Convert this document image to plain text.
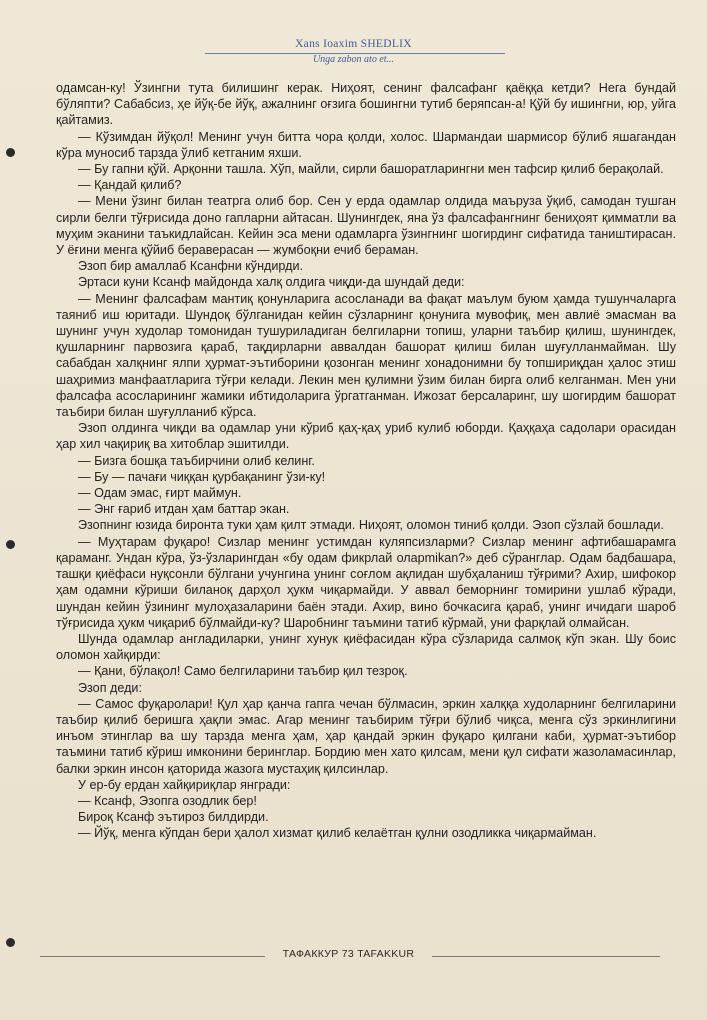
Xans Ioaxim SHEDLIX
Unga zabon ato et...

одамсан-ку! Ўзингни тута билишинг керак. Ниҳоят, сенинг фалсафанг қаёққа кетди? Нега бундай бўляпти? Сабабсиз, ҳе йўқ-бе йўқ, ажалнинг оғзига бошингни тутиб беряпсан-а! Қўй бу ишингни, юр, уйга қайтамиз.

— Кўзимдан йўқол! Менинг учун битта чора қолди, холос. Шармандаи шармисор бўлиб яшагандан кўра муносиб тарзда ўлиб кетганим яхши.

— Бу гапни қўй. Арқонни ташла. Хўп, майли, сирли башоратларингни мен тафсир қилиб берақолай.

— Қандай қилиб?

— Мени ўзинг билан театрга олиб бор. Сен у ерда одамлар олдида маъруза ўқиб, самодан тушган сирли белги тўғрисида доно гапларни айтасан. Шунингдек, яна ўз фалсафангнинг бениҳоят қимматли ва муҳим эканини таъкидлайсан. Кейин эса мени одамларга ўзингнинг шогирдинг сифатида таништирасан. У ёғини менга қўйиб бераверасан — жумбоқни ечиб бераман.

Эзоп бир амаллаб Ксанфни кўндирди.

Эртаси куни Ксанф майдонда халқ олдига чиқди-да шундай деди:

— Менинг фалсафам мантиқ қонунларига асосланади ва фақат маълум буюм ҳамда тушунчаларга таяниб иш юритади. Шундоқ бўлганидан кейин сўзларнинг қонунига мувофиқ, мен авлиё эмасман ва шунинг учун худолар томонидан тушуриладиган белгиларни топиш, уларни таъбир қилиш, шунингдек, қушларнинг парвозига қараб, тақдирларни аввалдан башорат қилиш билан шуғулланмайман. Шу сабабдан халқнинг ялпи ҳурмат-эътиборини қозонган менинг хонадонимни бу топшириқдан ҳалос этиш шаҳримиз манфаатларига тўғри келади. Лекин мен қулимни ўзим билан бирга олиб келганман. Мен уни фалсафа асосларининг жамики ибтидоларига ўргатганман. Ижозат берсаларинг, шу шогирдим башорат таъбири билан шуғулланиб кўрса.

Эзоп олдинга чиқди ва одамлар уни кўриб қаҳ-қаҳ уриб кулиб юборди. Қаҳқаҳа садолари орасидан ҳар хил чақириқ ва хитоблар эшитилди.

— Бизга бошқа таъбирчини олиб келинг.

— Бу — пачағи чиққан қурбақанинг ўзи-ку!

— Одам эмас, ғирт маймун.

— Энг ғариб итдан ҳам баттар экан.

Эзопнинг юзида биронта туки ҳам қилт этмади. Ниҳоят, оломон тиниб қолди. Эзоп сўзлай бошлади.

— Муҳтарам фуқаро! Сизлар менинг устимдан куляпсизларми? Сизлар менинг афтибашарамга қараманг. Ундан кўра, ўз-ўзларингдан «бу одам фикрлай оларmikan?» деб сўранглар. Одам бадбашара, ташқи қиёфаси нуқсонли бўлгани учунгина унинг соғлом ақлидан шубҳаланиш тўғрими? Ахир, шифокор ҳам одамни кўриши биланоқ дарҳол ҳукм чиқармайди. У аввал беморнинг томирини ушлаб кўради, шундан кейин ўзининг мулоҳазаларини баён этади. Ахир, вино бочкасига қараб, унинг ичидаги шароб тўғрисида ҳукм чиқариб бўлмайди-ку? Шаробнинг таъмини татиб кўрмай, уни фарқлай олмайсан.

Шунда одамлар англадиларки, унинг хунук қиёфасидан кўра сўзларида салмоқ кўп экан. Шу боис оломон хайқирди:

— Қани, бўлақол! Само белгиларини таъбир қил тезроқ.

Эзоп деди:

— Самос фуқаролари! Қул ҳар қанча гапга чечан бўлмасин, эркин халққа худоларнинг белгиларини таъбир қилиб беришга ҳақли эмас. Агар менинг таъбирим тўғри бўлиб чиқса, менга сўз эркинлигини инъом этинглар ва шу тарзда менга ҳам, ҳар қандай эркин фуқаро қилгани каби, ҳурмат-эътибор таъмини татиб кўриш имконини беринглар. Бордию мен хато қилсам, мени қул сифати жазоламасинлар, балки эркин инсон қаторида жазога мустаҳиқ қилсинлар.

У ер-бу ердан хайқириқлар янгради:

— Ксанф, Эзопга озодлик бер!

Бироқ Ксанф эътироз билдирди.

— Йўқ, менга кўпдан бери ҳалол хизмат қилиб келаётган қулни озодликка чиқармайман.

ТАФАККУР 73 TAFAKKUR
